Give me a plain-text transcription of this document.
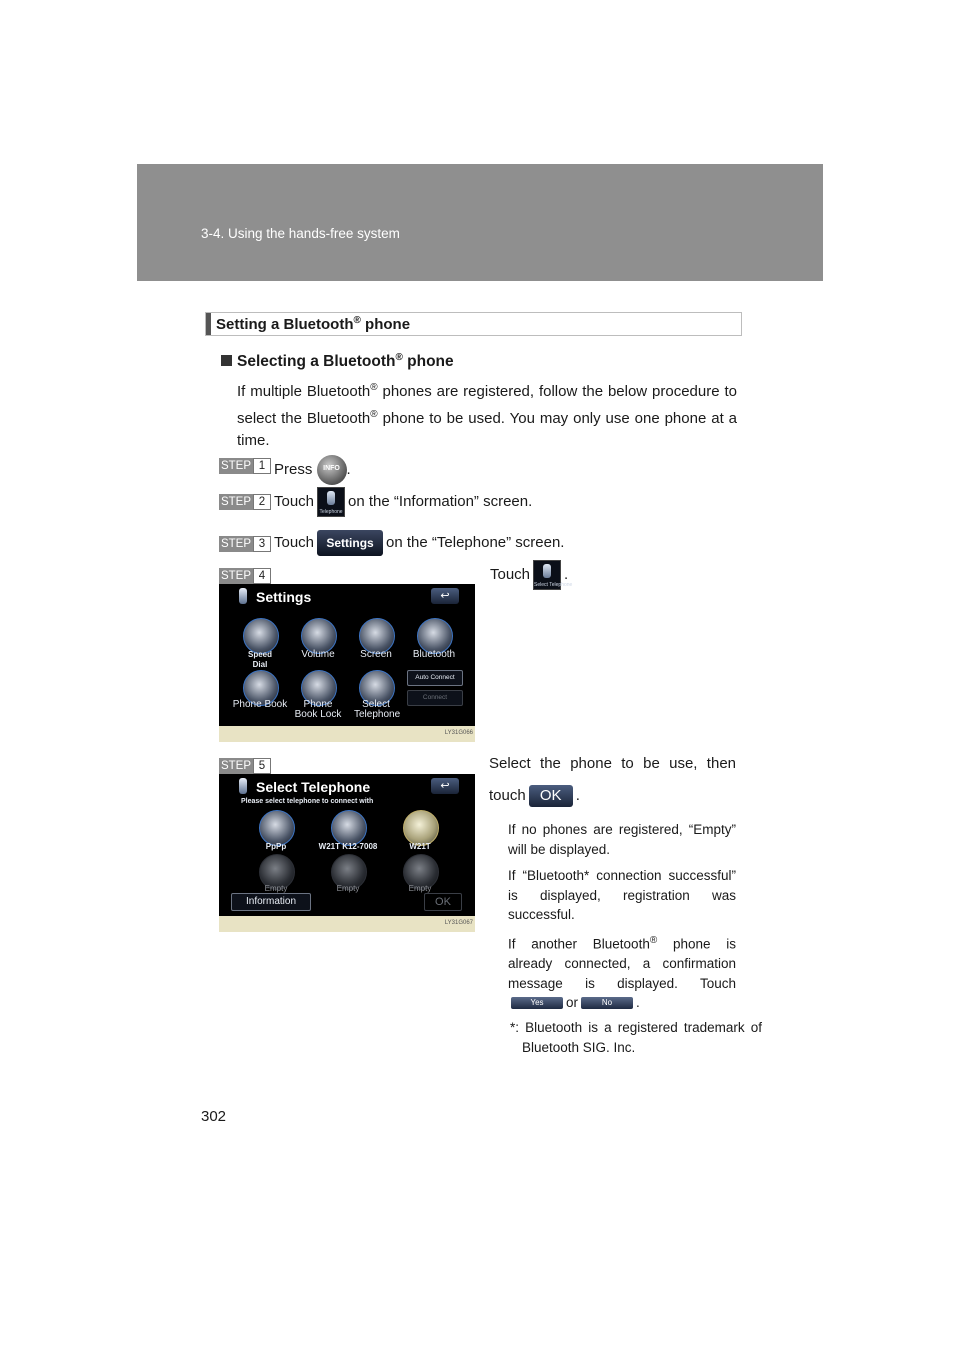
3-4. Using the hands-free system
Setting a Bluetooth® phone
Selecting a Bluetooth® phone
If multiple Bluetooth® phones are registered, follow the below procedure to select the Bluetooth® phone to be used. You may only use one phone at a time.
STEP 1 Press	INFO .
STEP 2 Touch
Telephone
on the “Information” screen.
STEP 3 Touch Settings on the “Telephone” screen.
STEP 4	Touch
Select Telephone
.
Settings	↩
Speed Dial
Volume	Screen Bluetooth
Phone Book	Phone Book Lock
Select Telephone
Auto Connect
Connect
LY31G066
STEP 5	Select the phone to be use, then touch OK .
Select Telephone
Please select telephone to connect with
↩
PpPp	W21T K12-7008	W21T
Empty	Empty	Empty
Information	OK
LY31G067
If no phones are registered, “Empty” will be displayed.
If “Bluetooth* connection successful” is displayed, registration was successful.
If another Bluetooth® phone is already connected, a confirmation message is displayed. Touch Yes or	No .
*: Bluetooth is a registered trademark of Bluetooth SIG. Inc.
302
